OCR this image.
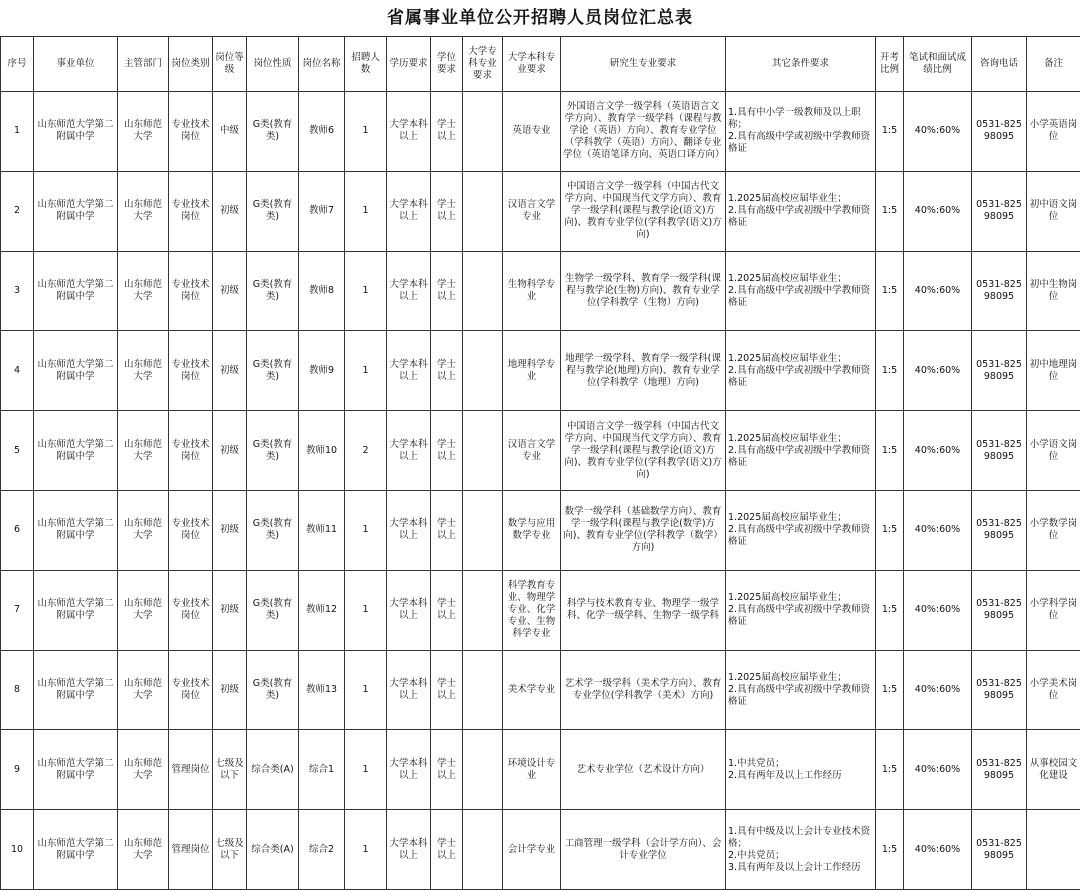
省属事业单位公开招聘人员岗位汇总表
序号	事业单位	主管部门	岗位类别	岗位等级	岗位性质	岗位名称	招聘人数	学历要求	学位要求	大学专科专业要求	大学本科专业要求	研究生专业要求	其它条件要求	开考比例	笔试和面试成绩比例	咨询电话	备注
1	山东师范大学第二附属中学	山东师范大学	专业技术岗位	中级	G类(教育类)	教师6	1	大学本科以上	学士以上		英语专业	外国语言文学一级学科（英语语言文学方向）、教育学一级学科（课程与教学论（英语）方向）、教育专业学位（学科教学（英语）方向）、翻译专业学位（英语笔译方向、英语口译方向）	1.具有中小学一级教师及以上职称；
2.具有高级中学或初级中学教师资格证	1:5	40%:60%	0531-82598095	小学英语岗位
2	山东师范大学第二附属中学	山东师范大学	专业技术岗位	初级	G类(教育类)	教师7	1	大学本科以上	学士以上		汉语言文学专业	中国语言文学一级学科（中国古代文学方向、中国现当代文学方向）、教育学一级学科(课程与教学论(语文)方向)、教育专业学位(学科教学(语文)方向)	1.2025届高校应届毕业生；
2.具有高级中学或初级中学教师资格证	1:5	40%:60%	0531-82598095	初中语文岗位
3	山东师范大学第二附属中学	山东师范大学	专业技术岗位	初级	G类(教育类)	教师8	1	大学本科以上	学士以上		生物科学专业	生物学一级学科、教育学一级学科(课程与教学论(生物)方向)、教育专业学位(学科教学（生物）方向)	1.2025届高校应届毕业生；
2.具有高级中学或初级中学教师资格证	1:5	40%:60%	0531-82598095	初中生物岗位
4	山东师范大学第二附属中学	山东师范大学	专业技术岗位	初级	G类(教育类)	教师9	1	大学本科以上	学士以上		地理科学专业	地理学一级学科、教育学一级学科(课程与教学论(地理)方向)、教育专业学位(学科教学（地理）方向)	1.2025届高校应届毕业生；
2.具有高级中学或初级中学教师资格证	1:5	40%:60%	0531-82598095	初中地理岗位
5	山东师范大学第二附属中学	山东师范大学	专业技术岗位	初级	G类(教育类)	教师10	2	大学本科以上	学士以上		汉语言文学专业	中国语言文学一级学科（中国古代文学方向、中国现当代文学方向）、教育学一级学科(课程与教学论(语文)方向)、教育专业学位(学科教学(语文)方向)	1.2025届高校应届毕业生；
2.具有高级中学或初级中学教师资格证	1:5	40%:60%	0531-82598095	小学语文岗位
6	山东师范大学第二附属中学	山东师范大学	专业技术岗位	初级	G类(教育类)	教师11	1	大学本科以上	学士以上		数学与应用数学专业	数学一级学科（基础数学方向）、教育学一级学科(课程与教学论(数学)方向)、教育专业学位(学科教学（数学）方向)	1.2025届高校应届毕业生；
2.具有高级中学或初级中学教师资格证	1:5	40%:60%	0531-82598095	小学数学岗位
7	山东师范大学第二附属中学	山东师范大学	专业技术岗位	初级	G类(教育类)	教师12	1	大学本科以上	学士以上		科学教育专业、物理学专业、化学专业、生物科学专业	科学与技术教育专业、物理学一级学科、化学一级学科、生物学一级学科	1.2025届高校应届毕业生；
2.具有高级中学或初级中学教师资格证	1:5	40%:60%	0531-82598095	小学科学岗位
8	山东师范大学第二附属中学	山东师范大学	专业技术岗位	初级	G类(教育类)	教师13	1	大学本科以上	学士以上		美术学专业	艺术学一级学科（美术学方向）、教育专业学位(学科教学（美术）方向)	1.2025届高校应届毕业生；
2.具有高级中学或初级中学教师资格证	1:5	40%:60%	0531-82598095	小学美术岗位
9	山东师范大学第二附属中学	山东师范大学	管理岗位	七级及以下	综合类(A)	综合1	1	大学本科以上	学士以上		环境设计专业	艺术专业学位（艺术设计方向）	1.中共党员；
2.具有两年及以上工作经历	1:5	40%:60%	0531-82598095	从事校园文化建设
10	山东师范大学第二附属中学	山东师范大学	管理岗位	七级及以下	综合类(A)	综合2	1	大学本科以上	学士以上		会计学专业	工商管理一级学科（会计学方向）、会计专业学位	1.具有中级及以上会计专业技术资格；
2.中共党员；
3.具有两年及以上会计工作经历	1:5	40%:60%	0531-82598095	
